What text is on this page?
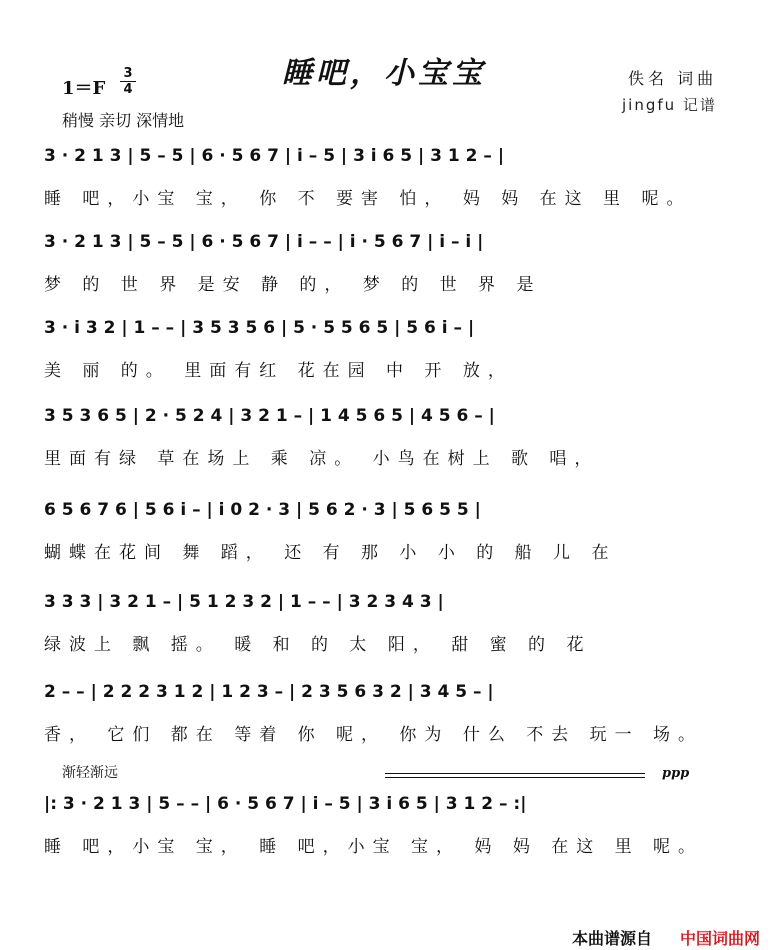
睡吧，小宝宝
1＝F
3
4
稍慢 亲切 深情地
佚名 词曲
jingfu 记谱
3 · 2 1 3 | 5 – 5 | 6 · 5 6 7 | i – 5 | 3 i 6 5 | 3 1 2 – |
睡 吧，小宝 宝， 你 不 要害 怕， 妈 妈 在这 里 呢。
3 · 2 1 3 | 5 – 5 | 6 · 5 6 7 | i – – | i · 5 6 7 | i – i |
梦 的 世 界 是安 静 的， 梦 的 世 界 是
3 · i 3 2 | 1 – – | 3 5 3 5 6 | 5 · 5 5 6 5 | 5 6 i – |
美 丽 的。 里面有红 花在园 中 开 放，
3 5 3 6 5 | 2 · 5 2 4 | 3 2 1 – | 1 4 5 6 5 | 4 5 6 – |
里面有绿 草在场上 乘 凉。 小鸟在树上 歌 唱，
6 5 6 7 6 | 5 6 i – | i 0 2 · 3 | 5 6 2 · 3 | 5 6 5 5 |
蝴蝶在花间 舞 蹈， 还 有 那 小 小 的 船 儿 在
3 3 3 | 3 2 1 – | 5 1 2 3 2 | 1 – – | 3 2 3 4 3 |
绿波上 飘 摇。 暖 和 的 太 阳， 甜 蜜 的 花
2 – – | 2 2 2 3 1 2 | 1 2 3 – | 2 3 5 6 3 2 | 3 4 5 – |
香， 它们 都在 等着 你 呢， 你为 什么 不去 玩一 场。
渐轻渐远	ppp
|: 3 · 2 1 3 | 5 – – | 6 · 5 6 7 | i – 5 | 3 i 6 5 | 3 1 2 – :|
睡 吧，小宝 宝， 睡 吧，小宝 宝， 妈 妈 在这 里 呢。
本曲谱源自 中国词曲网
